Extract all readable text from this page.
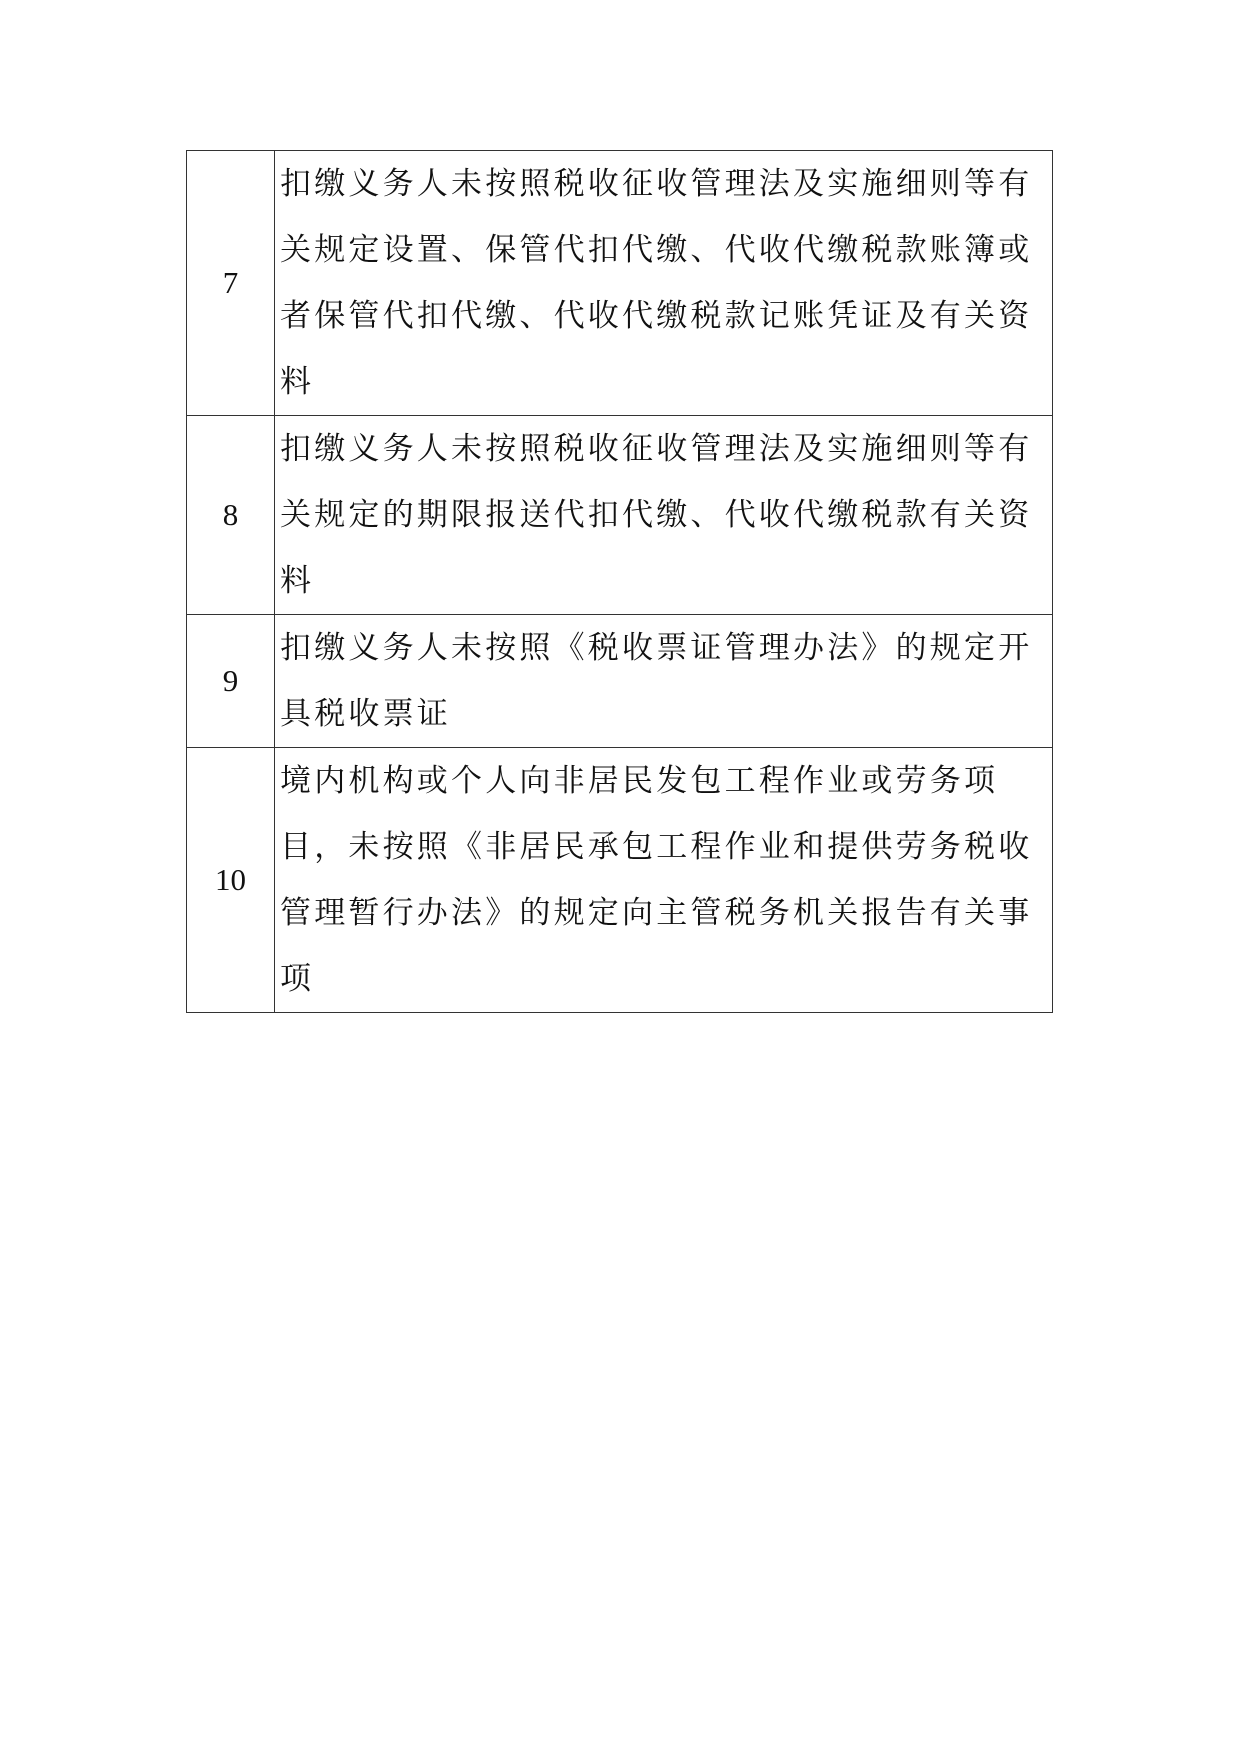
7	扣缴义务人未按照税收征收管理法及实施细则等有关规定设置、保管代扣代缴、代收代缴税款账簿或者保管代扣代缴、代收代缴税款记账凭证及有关资料

8	扣缴义务人未按照税收征收管理法及实施细则等有关规定的期限报送代扣代缴、代收代缴税款有关资料

9	扣缴义务人未按照《税收票证管理办法》的规定开具税收票证

10	境内机构或个人向非居民发包工程作业或劳务项目，未按照《非居民承包工程作业和提供劳务税收管理暂行办法》的规定向主管税务机关报告有关事项
